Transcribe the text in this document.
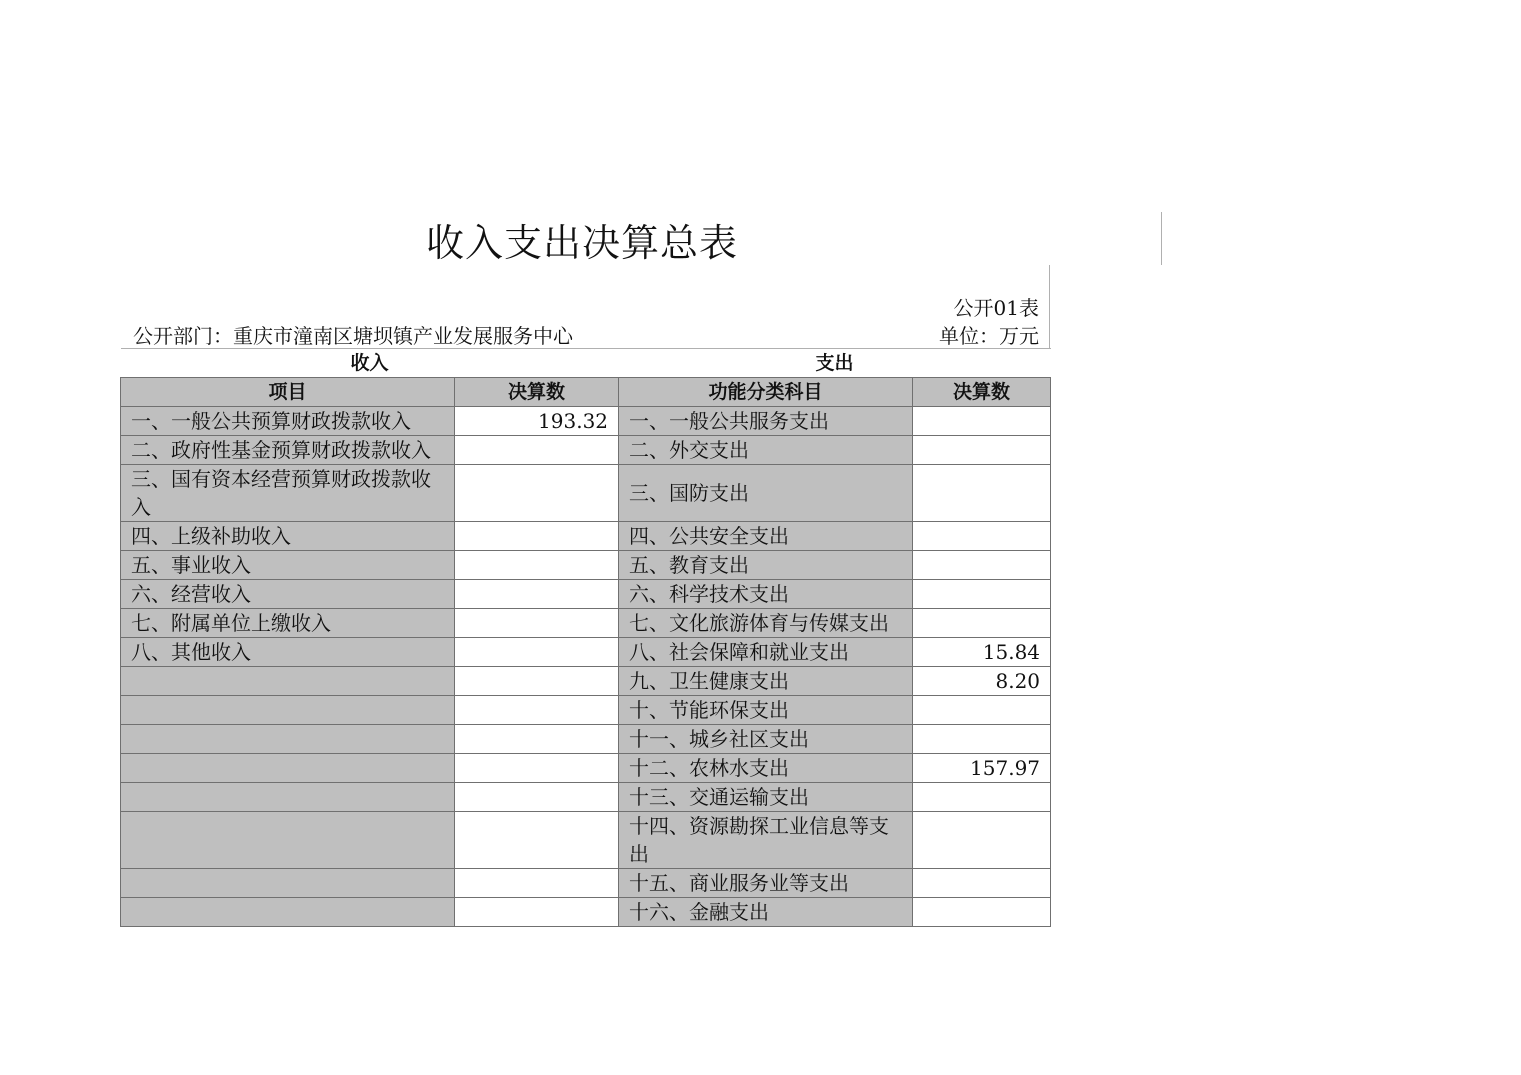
收入支出决算总表
公开01表
公开部门：重庆市潼南区塘坝镇产业发展服务中心	单位：万元
收入		支出	
项目	决算数	功能分类科目	决算数
一、一般公共预算财政拨款收入	193.32	一、一般公共服务支出	
二、政府性基金预算财政拨款收入		二、外交支出	
三、国有资本经营预算财政拨款收入		三、国防支出	
四、上级补助收入		四、公共安全支出	
五、事业收入		五、教育支出	
六、经营收入		六、科学技术支出	
七、附属单位上缴收入		七、文化旅游体育与传媒支出	
八、其他收入		八、社会保障和就业支出	15.84
		九、卫生健康支出	8.20
		十、节能环保支出	
		十一、城乡社区支出	
		十二、农林水支出	157.97
		十三、交通运输支出	
		十四、资源勘探工业信息等支出	
		十五、商业服务业等支出	
		十六、金融支出	
